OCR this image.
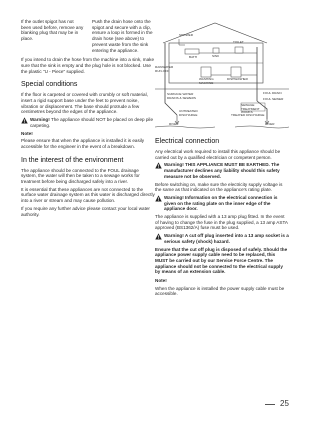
If the outlet spigot has not been used before, remove any blanking plug that may be in place.
Push the drain hose onto the spigot and secure with a clip, ensure a loop is formed in the drain hose (see above) to prevent waste from the sink entering the appliance.

If you intend to drain the hose from the machine into a sink, make sure that the sink is empty and the plug hole is not blocked. Use the plastic "U - Piece" supplied.

Special conditions

If the floor is carpeted or covered with crumbly or soft material, insert a rigid support base under the feet to prevent noise, vibration or displacement. The base should protrude a few centimetres beyond the edges of the appliance.

Warning! The appliance should NOT be placed on deep pile carpeting.

Note!

Please ensure that when the appliance is installed it is easily accessible for the engineer in the event of a breakdown.

In the interest of the environment

The appliance should be connected to the FOUL drainage system, the water will then be taken to a sewage works for treatment before being discharged safely into a river.

It is essential that these appliances are not connected to the surface water drainage system as this water is discharged directly into a river or stream and may cause pollution.

If you require any further advice please contact your local water authority.

SHOWER
BATH	SINK
TOILET
WASHING MACHINE
DISHWASHER
RAINWATER RUN-OFF
SURFACE WATER DRAINS & SEWERS
FOUL DRAIN
FOUL SEWER
UNTREATED DISCHARGE
SEWAGE TREATMENT WORKS
TREATED DISCHARGE
RIVER	RIVER
Electrical connection

Any electrical work required to install this appliance should be carried out by a qualified electrician or competent person.

Warning! THIS APPLIANCE MUST BE EARTHED. The manufacturer declines any liability should this safety measure not be observed.

Before switching on, make sure the electricity supply voltage is the same as that indicated on the appliance's rating plate.

Warning! Information on the electrical connection is given on the rating plate on the inner edge of the appliance door.

The appliance is supplied with a 13 amp plug fitted. In the event of having to change the fuse in the plug supplied, a 13 amp ASTA approved (BS1362/A) fuse must be used.

Warning! A cut off plug inserted into a 13 amp socket is a serious safety (shock) hazard.

Ensure that the cut off plug is disposed of safely. Should the appliance power supply cable need to be replaced, this MUST be carried out by our Service Force Centre. The appliance should not be connected to the electrical supply by means of an extension cable.

Note!

When the appliance is installed the power supply cable must be accessible.

25
